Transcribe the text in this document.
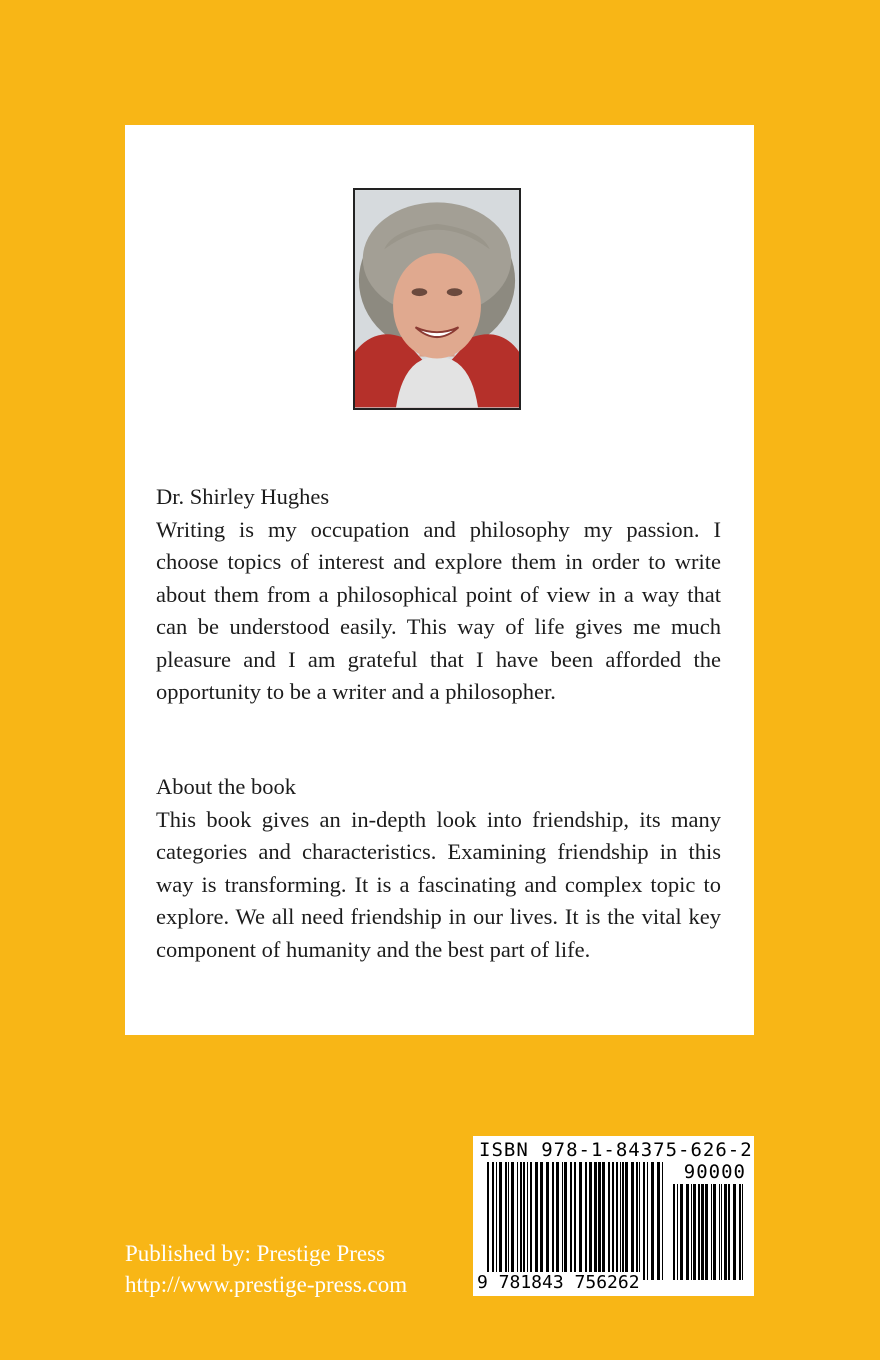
Dr. Shirley Hughes

Writing is my occupation and philosophy my passion. I choose topics of interest and explore them in order to write about them from a philosophical point of view in a way that can be understood easily. This way of life gives me much pleasure and I am grateful that I have been afforded the opportunity to be a writer and a philosopher.

About the book

This book gives an in-depth look into friendship, its many categories and characteristics. Examining friendship in this way is transforming. It is a fascinating and complex topic to explore. We all need friendship in our lives. It is the vital key component of humanity and the best part of life.

Published by: Prestige Press
http://www.prestige-press.com
ISBN 978-1-84375-626-2
90000
9 781843 756262
